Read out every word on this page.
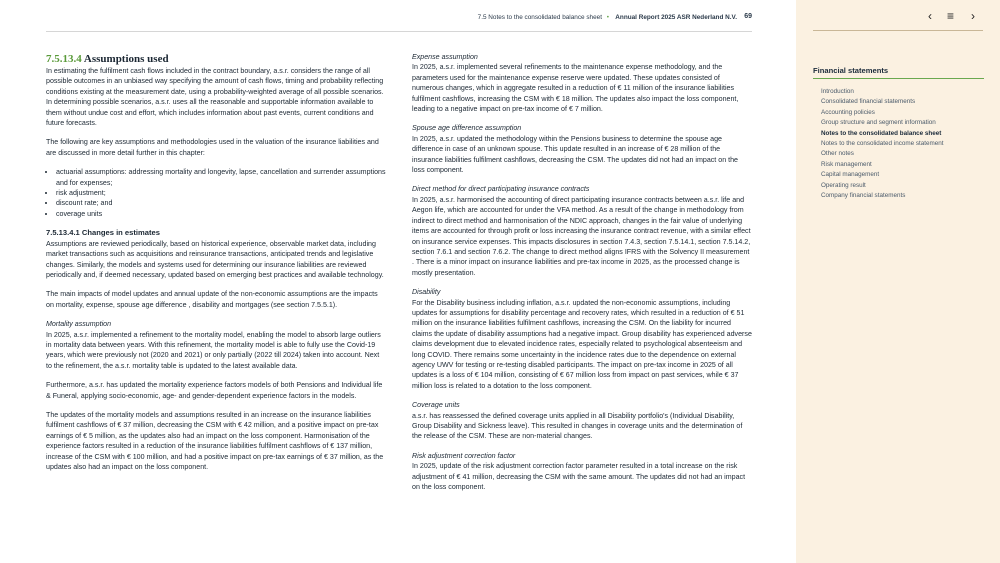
7.5 Notes to the consolidated balance sheet • Annual Report 2025 ASR Nederland N.V. 69
7.5.13.4 Assumptions used

In estimating the fulfilment cash flows included in the contract boundary, a.s.r. considers the range of all possible outcomes in an unbiased way specifying the amount of cash flows, timing and probability reflecting conditions existing at the measurement date, using a probability-weighted average of all possible scenarios. In determining possible scenarios, a.s.r. uses all the reasonable and supportable information available to them without undue cost and effort, which includes information about past events, current conditions and future forecasts.

The following are key assumptions and methodologies used in the valuation of the insurance liabilities and are discussed in more detail further in this chapter:

• actuarial assumptions: addressing mortality and longevity, lapse, cancellation and surrender assumptions and for expenses;
• risk adjustment;
• discount rate; and
• coverage units
7.5.13.4.1 Changes in estimates

Assumptions are reviewed periodically, based on historical experience, observable market data, including market transactions such as acquisitions and reinsurance transactions, anticipated trends and legislative changes. Similarly, the models and systems used for determining our insurance liabilities are reviewed periodically and, if deemed necessary, updated based on emerging best practices and available technology.

The main impacts of model updates and annual update of the non-economic assumptions are the impacts on mortality, expense, spouse age difference , disability and mortgages (see section 7.5.5.1).

Mortality assumption

In 2025, a.s.r. implemented a refinement to the mortality model, enabling the model to absorb large outliers in mortality data between years. With this refinement, the mortality model is able to fully use the Covid-19 years, which were previously not (2020 and 2021) or only partially (2022 till 2024) taken into account. Next to the refinement, the a.s.r. mortality table is updated to the latest available data.

Furthermore, a.s.r. has updated the mortality experience factors models of both Pensions and Individual life & Funeral, applying socio-economic, age- and gender-dependent experience factors in the models.

The updates of the mortality models and assumptions resulted in an increase on the insurance liabilities fulfilment cashflows of € 37 million, decreasing the CSM with € 42 million, and a positive impact on pre-tax earnings of € 5 million, as the updates also had an impact on the loss component. Harmonisation of the experience factors resulted in a reduction of the insurance liabilities fulfilment cashflows of € 137 million, increase of the CSM with € 100 million, and had a positive impact on pre-tax earnings of € 37 million, as the updates also had an impact on the loss component.

Expense assumption

In 2025, a.s.r. implemented several refinements to the maintenance expense methodology, and the parameters used for the maintenance expense reserve were updated. These updates consisted of numerous changes, which in aggregate resulted in a reduction of € 11 million of the insurance liabilities fulfilment cashflows, increasing the CSM with € 18 million. The updates also impact the loss component, leading to a negative impact on pre-tax income of € 7 million.

Spouse age difference assumption

In 2025, a.s.r. updated the methodology within the Pensions business to determine the spouse age difference in case of an unknown spouse. This update resulted in an increase of € 28 million of the insurance liabilities fulfilment cashflows, decreasing the CSM. The updates did not had an impact on the loss component.

Direct method for direct participating insurance contracts

In 2025, a.s.r. harmonised the accounting of direct participating insurance contracts between a.s.r. life and Aegon life, which are accounted for under the VFA method. As a result of the change in methodology from indirect to direct method and harmonisation of the NDIC approach, changes in the fair value of underlying items are accounted for through profit or loss increasing the insurance contract revenue, with a similar effect on insurance service expenses. This impacts disclosures in section 7.4.3, section 7.5.14.1, section 7.5.14.2, section 7.6.1 and section 7.6.2. The change to direct method aligns IFRS with the Solvency II measurement . There is a minor impact on insurance liabilities and pre-tax income in 2025, as the processed change is mostly presentation.

Disability

For the Disability business including inflation, a.s.r. updated the non-economic assumptions, including updates for assumptions for disability percentage and recovery rates, which resulted in a reduction of € 51 million on the insurance liabilities fulfilment cashflows, increasing the CSM. On the liability for incurred claims the update of disability assumptions had a negative impact. Group disability has experienced adverse claims development due to elevated incidence rates, especially related to psychological absenteeism and long COVID. There remains some uncertainty in the incidence rates due to the dependence on external agency UWV for testing or re-testing disabled participants. The impact on pre-tax income in 2025 of all updates is a loss of € 104 million, consisting of € 67 million loss from impact on past services, while € 37 million loss is related to a dotation to the loss component.

Coverage units

a.s.r. has reassessed the defined coverage units applied in all Disability portfolio's (Individual Disability, Group Disability and Sickness leave). This resulted in changes in coverage units and the determination of the release of the CSM. These are non-material changes.

Risk adjustment correction factor

In 2025, update of the risk adjustment correction factor parameter resulted in a total increase on the risk adjustment of € 41 million, decreasing the CSM with the same amount. The updates did not had an impact on the loss component.

‹ ≡ ›
Financial statements
Introduction
Consolidated financial statements
Accounting policies
Group structure and segment information
Notes to the consolidated balance sheet
Notes to the consolidated income statement
Other notes
Risk management
Capital management
Operating result
Company financial statements
